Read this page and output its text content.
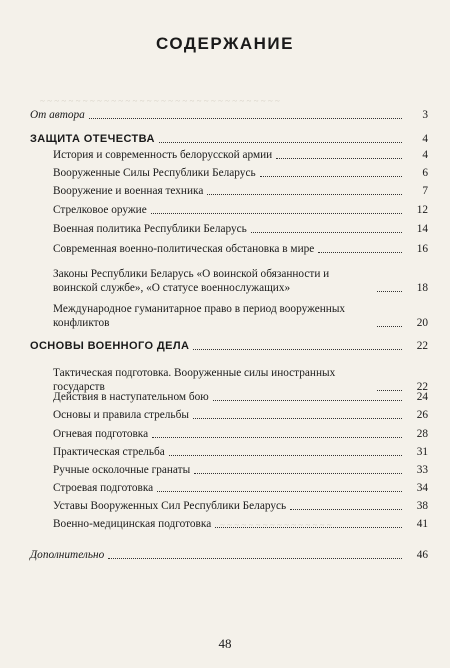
~ ~ ~ ~ ~ ~ ~ ~ ~ ~ ~ ~ ~ ~ ~ ~ ~ ~ ~ ~ ~ ~ ~ ~ ~ ~ ~ ~ ~ ~ ~ ~ ~ ~
~ ~ ~ ~ ~ ~ ~ ~ ~ ~ ~ ~ ~ ~ ~ ~
СОДЕРЖАНИЕ
От автора	3
ЗАЩИТА ОТЕЧЕСТВА	4
История и современность белорусской армии	4
Вооруженные Силы Республики Беларусь	6
Вооружение и военная техника	7
Стрелковое оружие	12
Военная политика Республики Беларусь	14
Современная военно-политическая обстановка в мире	16
Законы Республики Беларусь «О воинской обязанности и воинской службе», «О статусе военнослужащих»	18
Международное гуманитарное право в период вооруженных конфликтов	20
ОСНОВЫ ВОЕННОГО ДЕЛА	22
Тактическая подготовка. Вооруженные силы иностранных государств	22
Действия в наступательном бою	24
Основы и правила стрельбы	26
Огневая подготовка	28
Практическая стрельба	31
Ручные осколочные гранаты	33
Строевая подготовка	34
Уставы Вооруженных Сил Республики Беларусь	38
Военно-медицинская подготовка	41
Дополнительно	46
48
